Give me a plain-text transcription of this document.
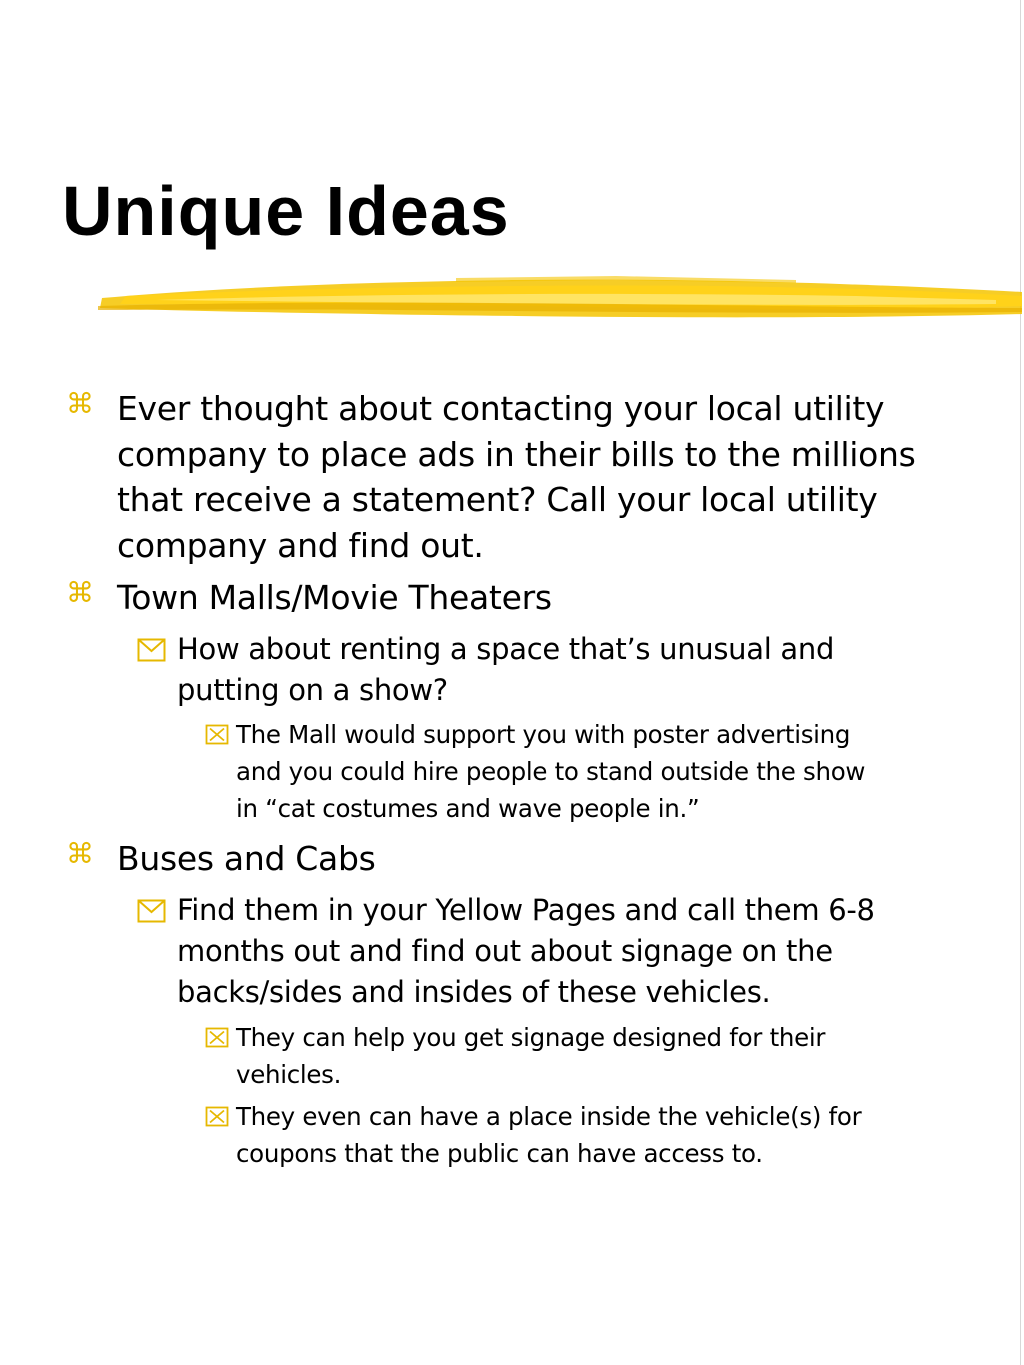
Unique Ideas
⌘ Ever thought about contacting your local utility
company to place ads in their bills to the millions
that receive a statement? Call your local utility
company and find out.
⌘ Town Malls/Movie Theaters
How about renting a space that’s unusual and
putting on a show?
The Mall would support you with poster advertising
and you could hire people to stand outside the show
in “cat costumes and wave people in.”
⌘ Buses and Cabs
Find them in your Yellow Pages and call them 6-8
months out and find out about signage on the
backs/sides and insides of these vehicles.
They can help you get signage designed for their
vehicles.
They even can have a place inside the vehicle(s) for
coupons that the public can have access to.
